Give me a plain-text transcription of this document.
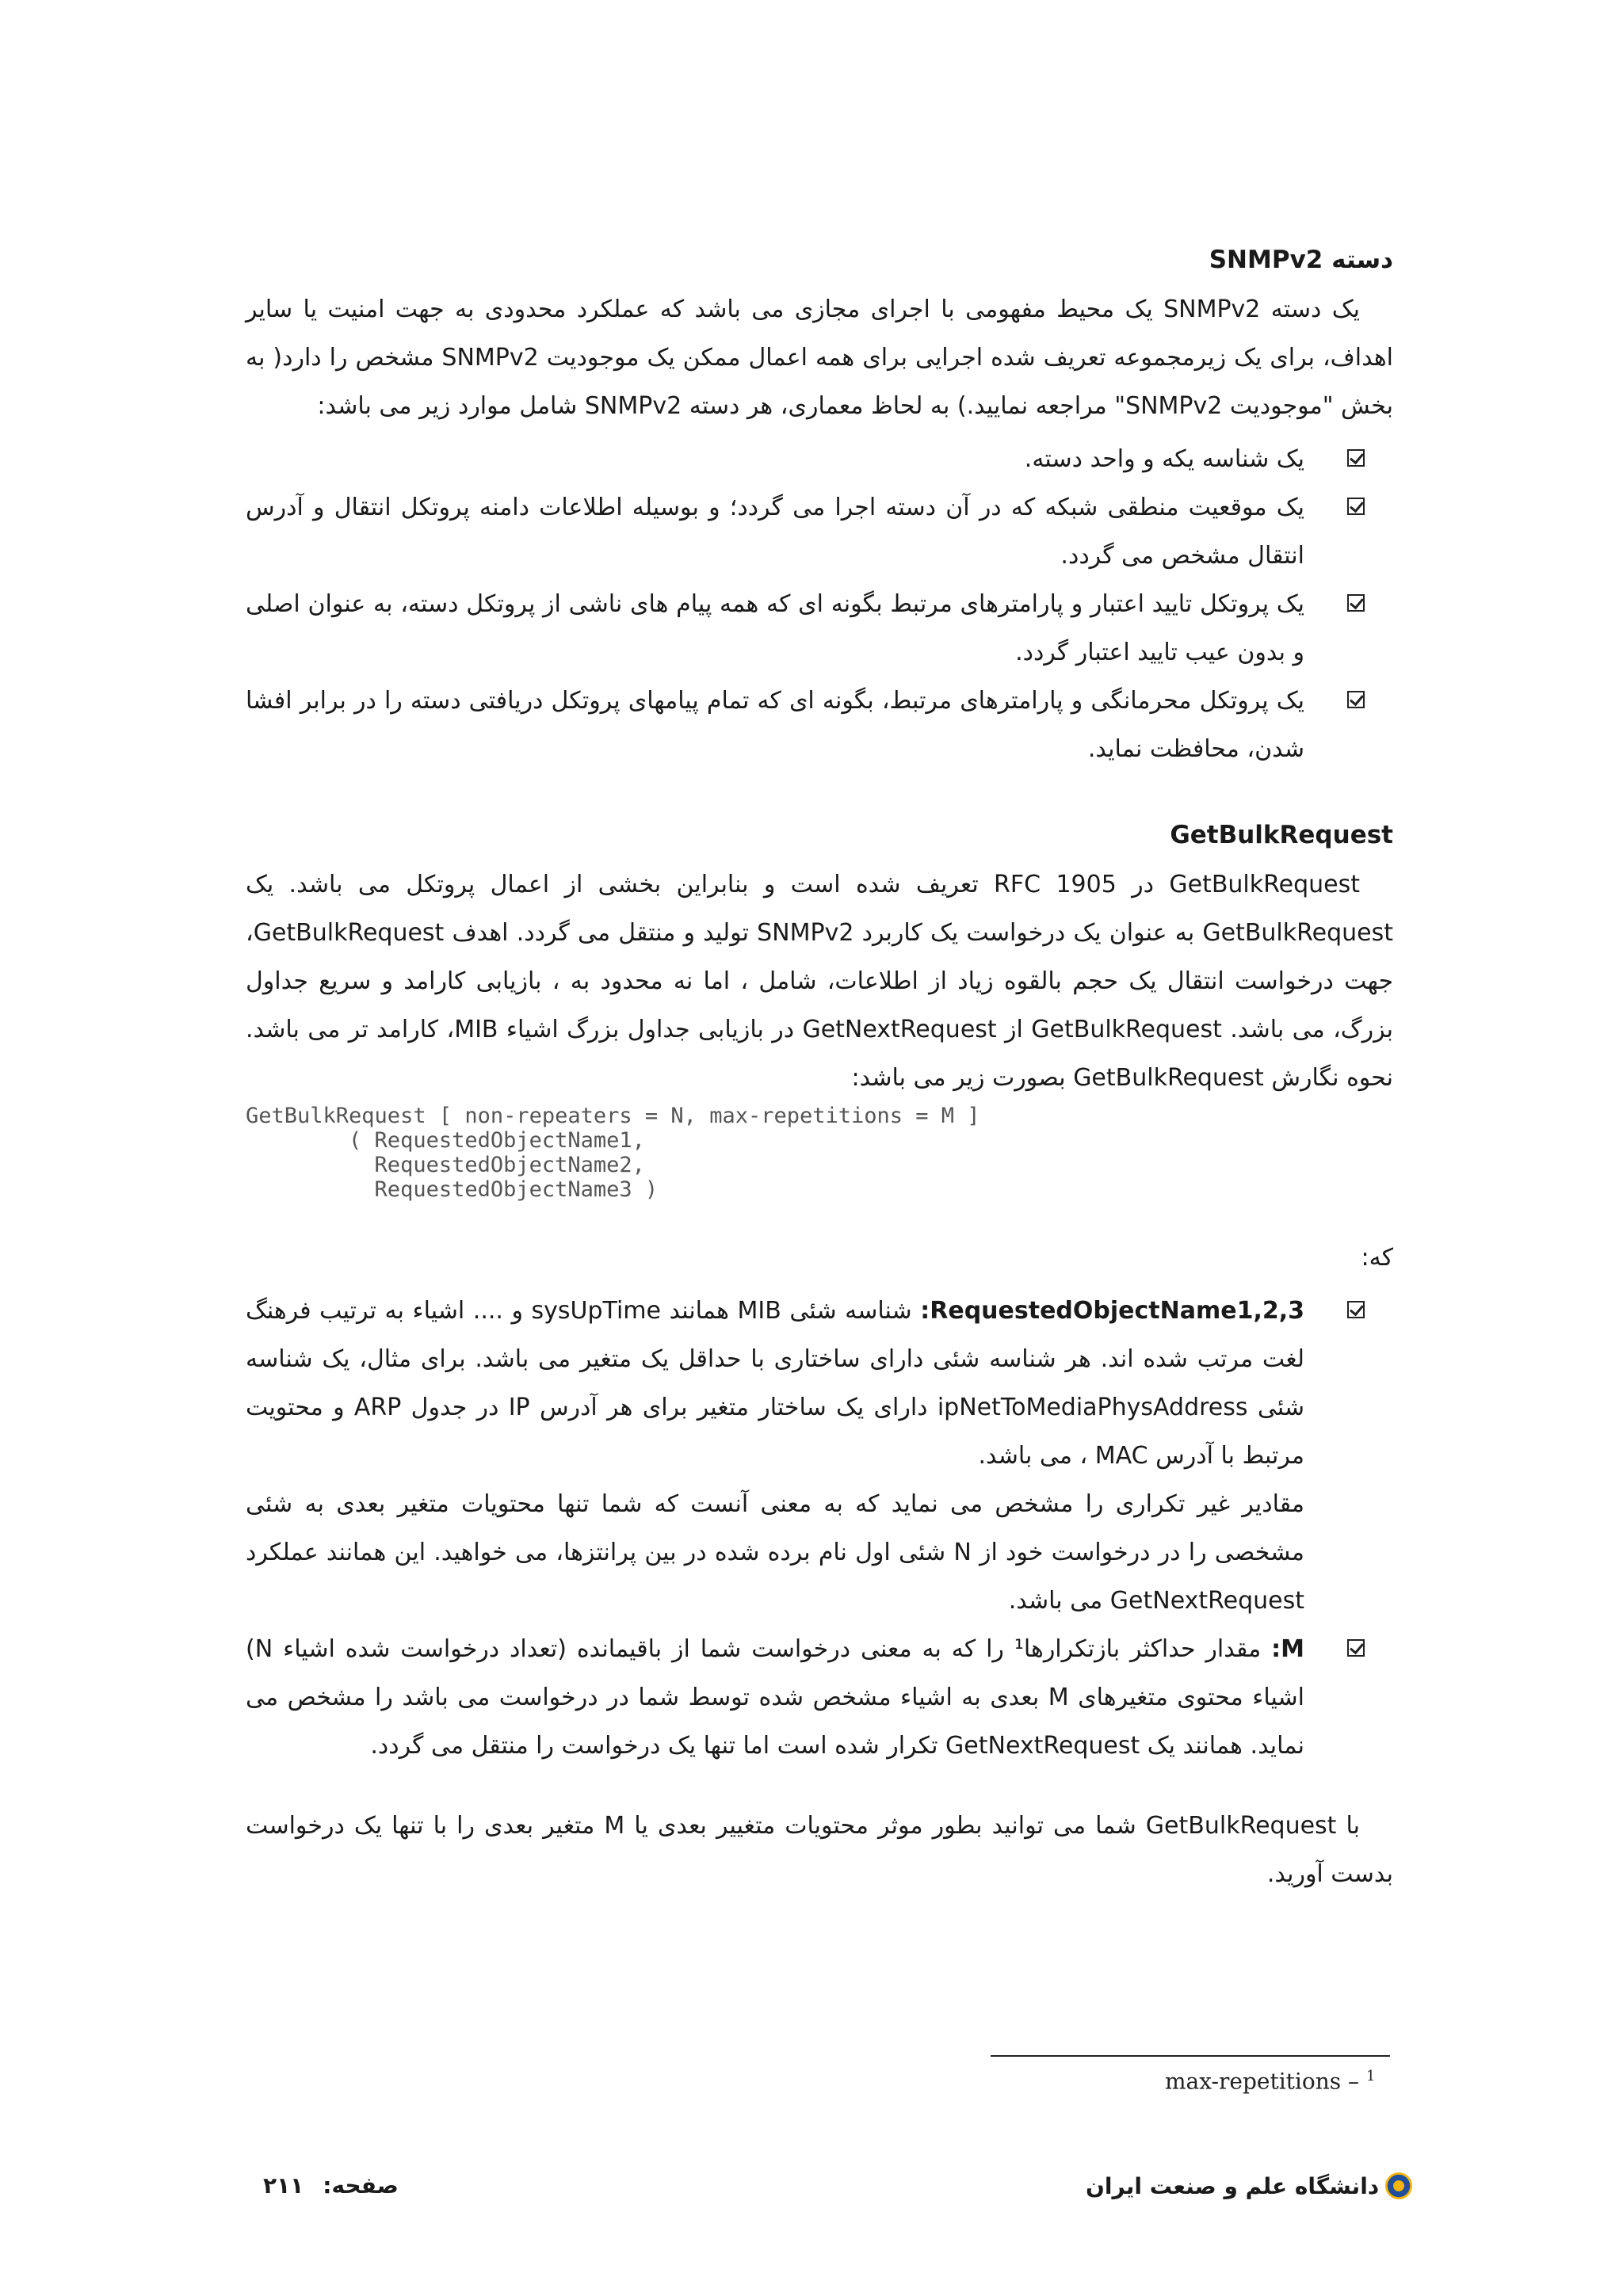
دسته SNMPv2

یک دسته SNMPv2 یک محیط مفهومی با اجرای مجازی می باشد که عملکرد محدودی به جهت امنیت یا سایر اهداف، برای یک زیرمجموعه تعریف شده اجرایی برای همه اعمال ممکن یک موجودیت SNMPv2 مشخص را دارد( به بخش "موجودیت SNMPv2" مراجعه نمایید.) به لحاظ معماری، هر دسته SNMPv2 شامل موارد زیر می باشد:

یک شناسه یکه و واحد دسته.
یک موقعیت منطقی شبکه که در آن دسته اجرا می گردد؛ و بوسیله اطلاعات دامنه پروتکل انتقال و آدرس انتقال مشخص می گردد.
یک پروتکل تایید اعتبار و پارامترهای مرتبط بگونه ای که همه پیام های ناشی از پروتکل دسته، به عنوان اصلی و بدون عیب تایید اعتبار گردد.
یک پروتکل محرمانگی و پارامترهای مرتبط، بگونه ای که تمام پیامهای پروتکل دریافتی دسته را در برابر افشا شدن، محافظت نماید.
GetBulkRequest

GetBulkRequest در RFC 1905 تعریف شده است و بنابراین بخشی از اعمال پروتکل می باشد. یک GetBulkRequest به عنوان یک درخواست یک کاربرد SNMPv2 تولید و منتقل می گردد. اهدف GetBulkRequest، جهت درخواست انتقال یک حجم بالقوه زیاد از اطلاعات، شامل ، اما نه محدود به ، بازیابی کارامد و سریع جداول بزرگ، می باشد. GetBulkRequest از GetNextRequest در بازیابی جداول بزرگ اشیاء MIB، کارامد تر می باشد. نحوه نگارش GetBulkRequest بصورت زیر می باشد:

GetBulkRequest [ non-repeaters = N, max-repetitions = M ]
( RequestedObjectName1,
RequestedObjectName2,
RequestedObjectName3 )
که:
RequestedObjectName1,2,3: شناسه شئی MIB همانند sysUpTime و .... اشیاء به ترتیب فرهنگ لغت مرتب شده اند. هر شناسه شئی دارای ساختاری با حداقل یک متغیر می باشد. برای مثال، یک شناسه شئی ipNetToMediaPhysAddress دارای یک ساختار متغیر برای هر آدرس IP در جدول ARP و محتویت مرتبط با آدرس MAC ، می باشد.
مقادیر غیر تکراری را مشخص می نماید که به معنی آنست که شما تنها محتویات متغیر بعدی به شئی مشخصی را در درخواست خود از N شئی اول نام برده شده در بین پرانتزها، می خواهید. این همانند عملکرد GetNextRequest می باشد.
M: مقدار حداکثر بازتکرارها¹ را که به معنی درخواست شما از باقیمانده (تعداد درخواست شده اشیاء N) اشیاء محتوی متغیرهای M بعدی به اشیاء مشخص شده توسط شما در درخواست می باشد را مشخص می نماید. همانند یک GetNextRequest تکرار شده است اما تنها یک درخواست را منتقل می گردد.

با GetBulkRequest شما می توانید بطور موثر محتویات متغییر بعدی یا M متغیر بعدی را با تنها یک درخواست بدست آورید.

max-repetitions – $^1$
دانشگاه علم و صنعت ایران
صفحه:۲۱۱
